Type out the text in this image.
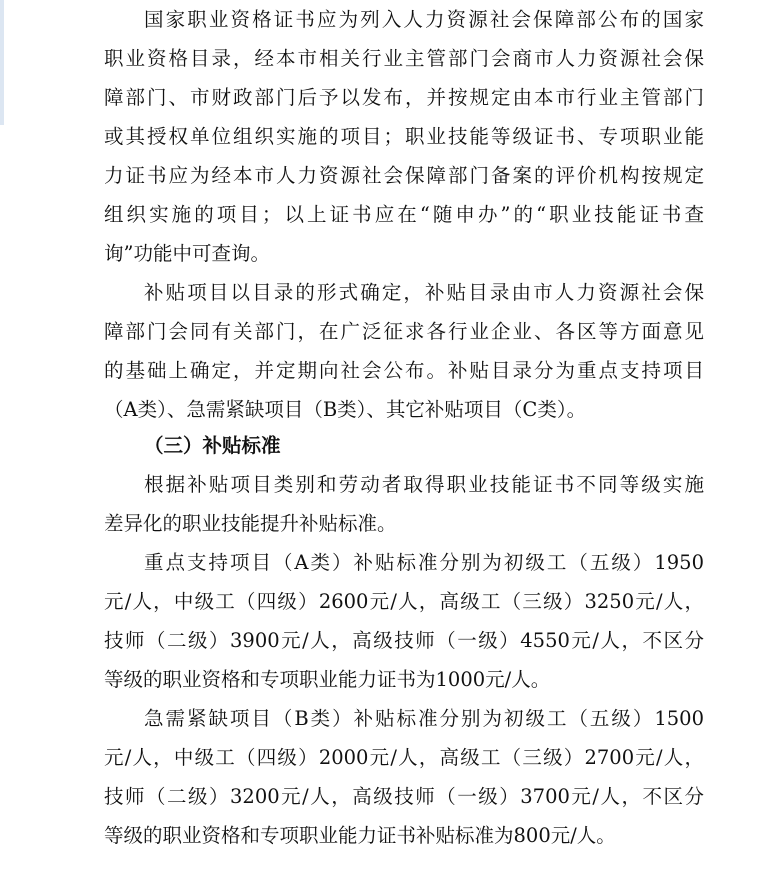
国家职业资格证书应为列入人力资源社会保障部公布的国家
职业资格目录，经本市相关行业主管部门会商市人力资源社会保
障部门、市财政部门后予以发布，并按规定由本市行业主管部门
或其授权单位组织实施的项目；职业技能等级证书、专项职业能
力证书应为经本市人力资源社会保障部门备案的评价机构按规定
组织实施的项目；以上证书应在“随申办”的“职业技能证书查
询”功能中可查询。
补贴项目以目录的形式确定，补贴目录由市人力资源社会保
障部门会同有关部门，在广泛征求各行业企业、各区等方面意见
的基础上确定，并定期向社会公布。补贴目录分为重点支持项目
（A类）、急需紧缺项目（B类）、其它补贴项目（C类）。
（三）补贴标准
根据补贴项目类别和劳动者取得职业技能证书不同等级实施
差异化的职业技能提升补贴标准。
重点支持项目（A类）补贴标准分别为初级工（五级）1950
元/人，中级工（四级）2600元/人，高级工（三级）3250元/人，
技师（二级）3900元/人，高级技师（一级）4550元/人，不区分
等级的职业资格和专项职业能力证书为1000元/人。
急需紧缺项目（B类）补贴标准分别为初级工（五级）1500
元/人，中级工（四级）2000元/人，高级工（三级）2700元/人，
技师（二级）3200元/人，高级技师（一级）3700元/人，不区分
等级的职业资格和专项职业能力证书补贴标准为800元/人。
